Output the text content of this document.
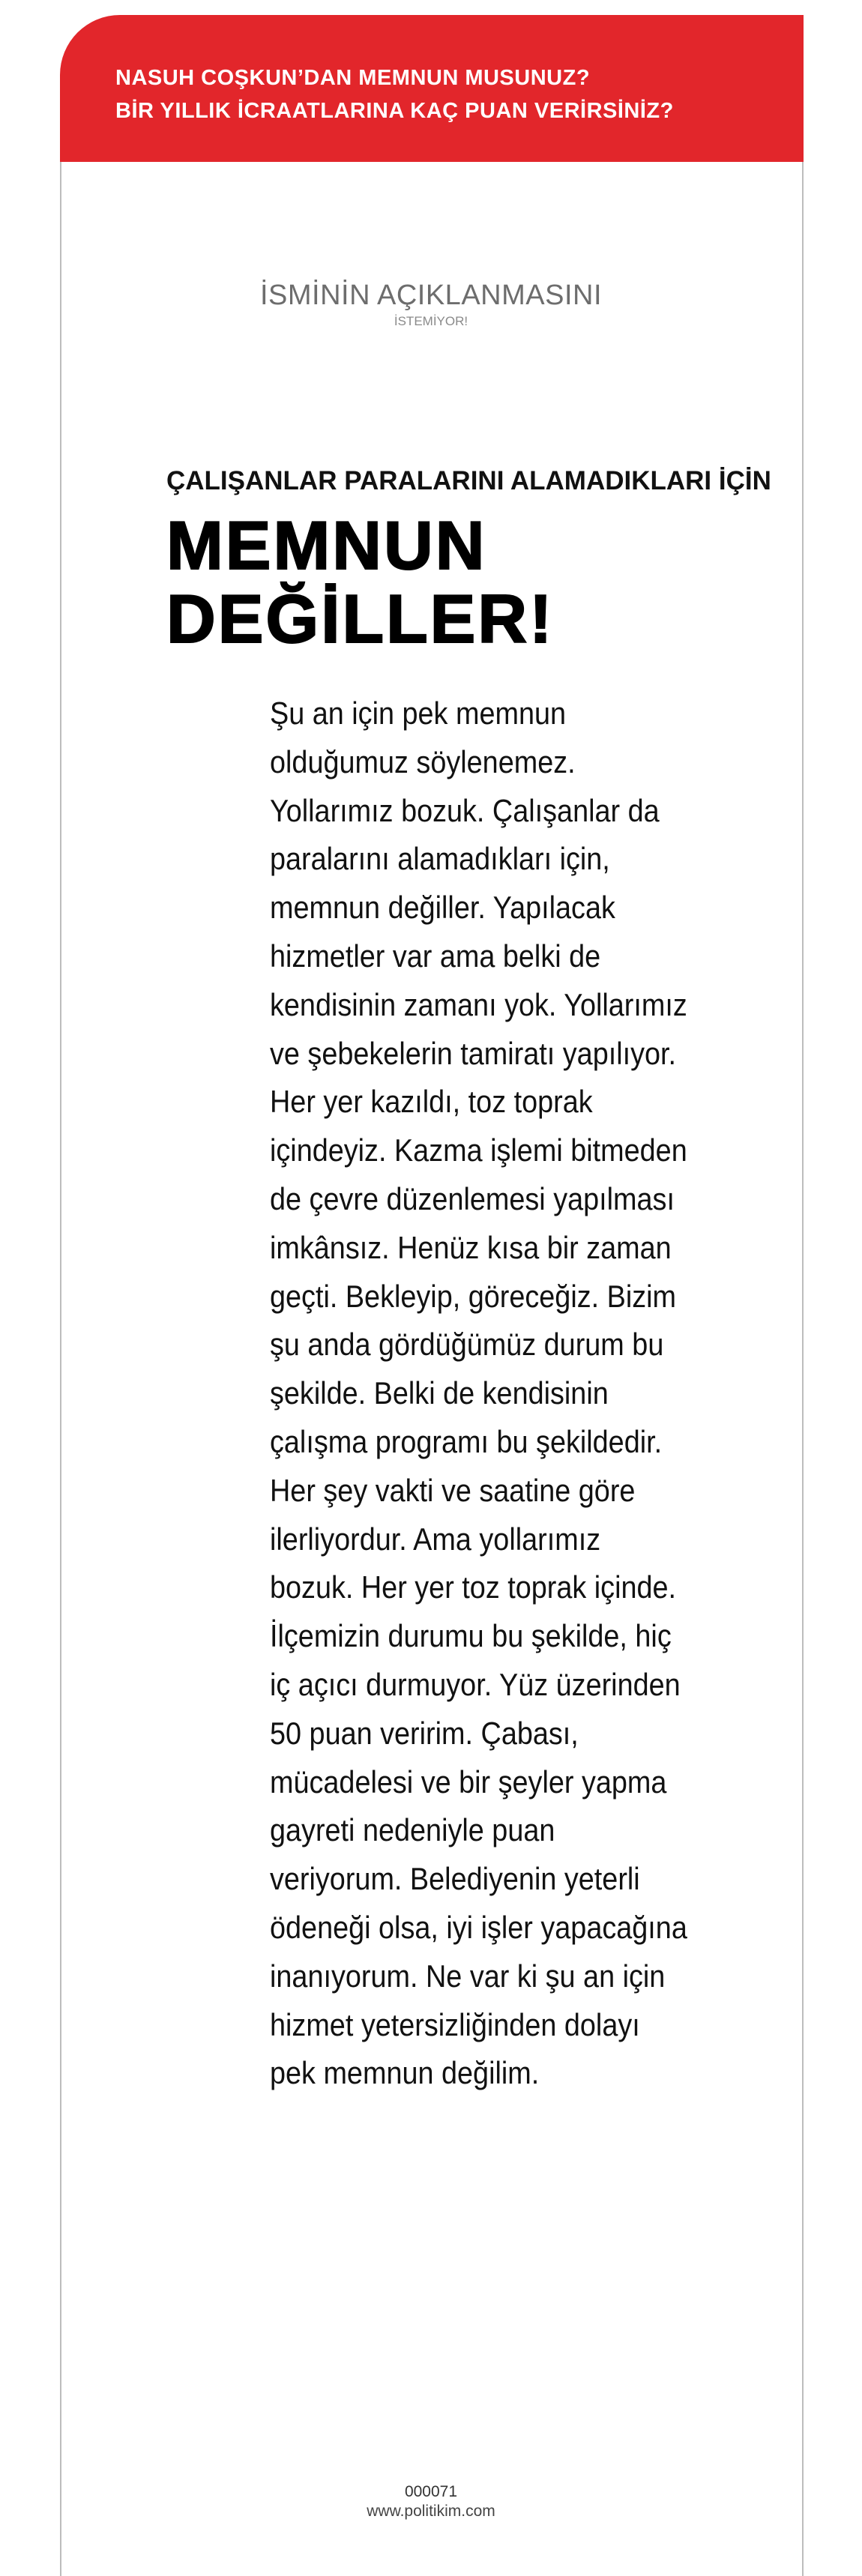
NASUH COŞKUN’DAN MEMNUN MUSUNUZ?
BİR YILLIK İCRAATLARINA KAÇ PUAN VERİRSİNİZ?
İSMİNİN AÇIKLANMASINI
İSTEMİYOR!
ÇALIŞANLAR PARALARINI ALAMADIKLARI İÇİN
MEMNUN
DEĞİLLER!

Şu an için pek memnun olduğumuz söylenemez. Yollarımız bozuk. Çalışanlar da paralarını alamadıkları için, memnun değiller. Yapılacak hizmetler var ama belki de kendisinin zamanı yok. Yollarımız ve şebekelerin tamiratı yapılıyor. Her yer kazıldı, toz toprak içindeyiz. Kazma işlemi bitmeden de çevre düzenlemesi yapılması imkânsız. Henüz kısa bir zaman geçti. Bekleyip, göreceğiz. Bizim şu anda gördüğümüz durum bu şekilde. Belki de kendisinin çalışma programı bu şekildedir. Her şey vakti ve saatine göre ilerliyordur. Ama yollarımız bozuk. Her yer toz toprak içinde. İlçemizin durumu bu şekilde, hiç iç açıcı durmuyor. Yüz üzerinden 50 puan veririm. Çabası, mücadelesi ve bir şeyler yapma gayreti nedeniyle puan veriyorum. Belediyenin yeterli ödeneği olsa, iyi işler yapacağına inanıyorum. Ne var ki şu an için hizmet yetersizliğinden dolayı pek memnun değilim.

000071
www.politikim.com
